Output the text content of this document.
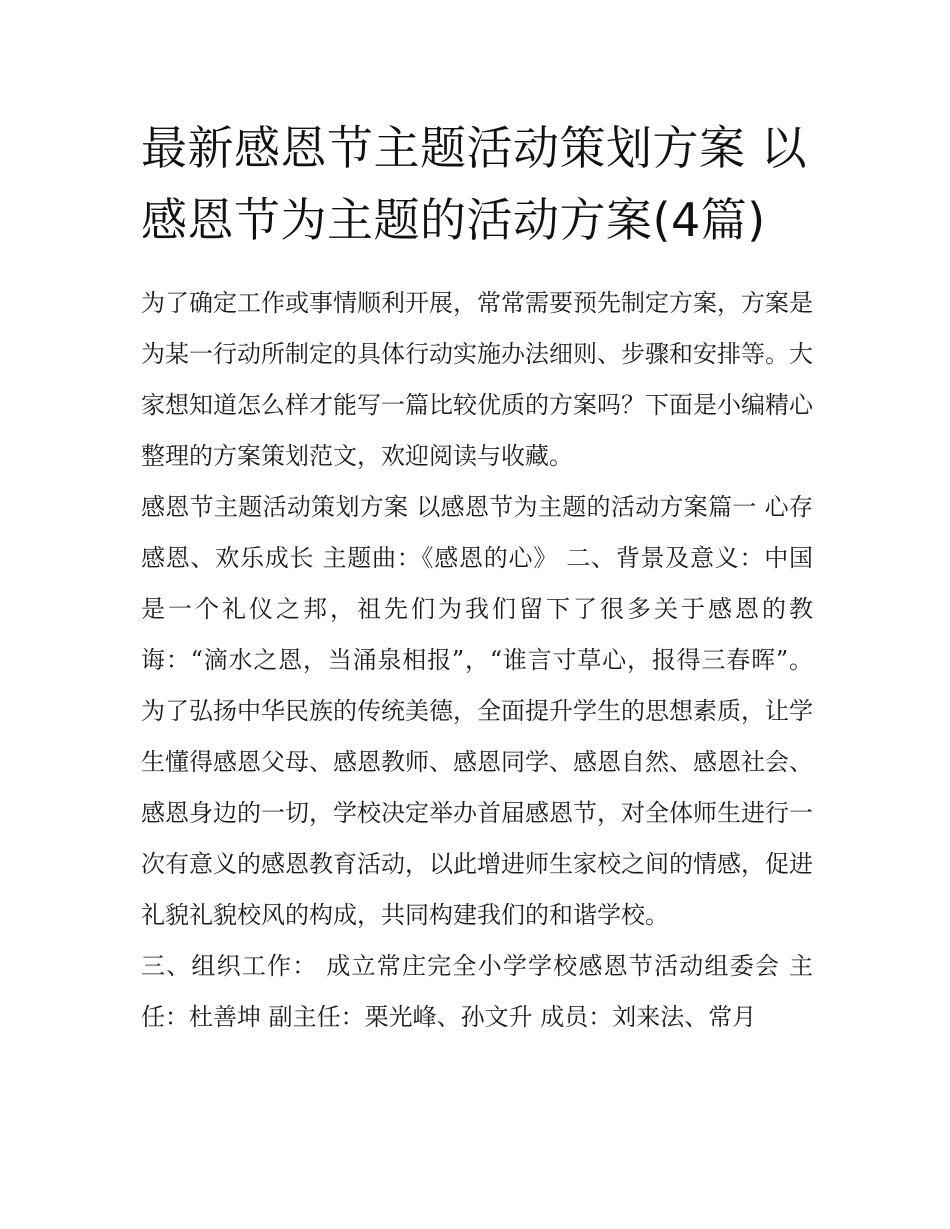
最新感恩节主题活动策划方案 以感恩节为主题的活动方案(4篇)

为了确定工作或事情顺利开展，常常需要预先制定方案，方案是为某一行动所制定的具体行动实施办法细则、步骤和安排等。大家想知道怎么样才能写一篇比较优质的方案吗？下面是小编精心整理的方案策划范文，欢迎阅读与收藏。

感恩节主题活动策划方案 以感恩节为主题的活动方案篇一 心存感恩、欢乐成长 主题曲：《感恩的心》 二、背景及意义：中国是一个礼仪之邦，祖先们为我们留下了很多关于感恩的教诲：“滴水之恩，当涌泉相报”，“谁言寸草心，报得三春晖”。为了弘扬中华民族的传统美德，全面提升学生的思想素质，让学生懂得感恩父母、感恩教师、感恩同学、感恩自然、感恩社会、感恩身边的一切，学校决定举办首届感恩节，对全体师生进行一次有意义的感恩教育活动，以此增进师生家校之间的情感，促进礼貌礼貌校风的构成，共同构建我们的和谐学校。

三、组织工作： 成立常庄完全小学学校感恩节活动组委会 主任：杜善坤 副主任：栗光峰、孙文升 成员：刘来法、常月
